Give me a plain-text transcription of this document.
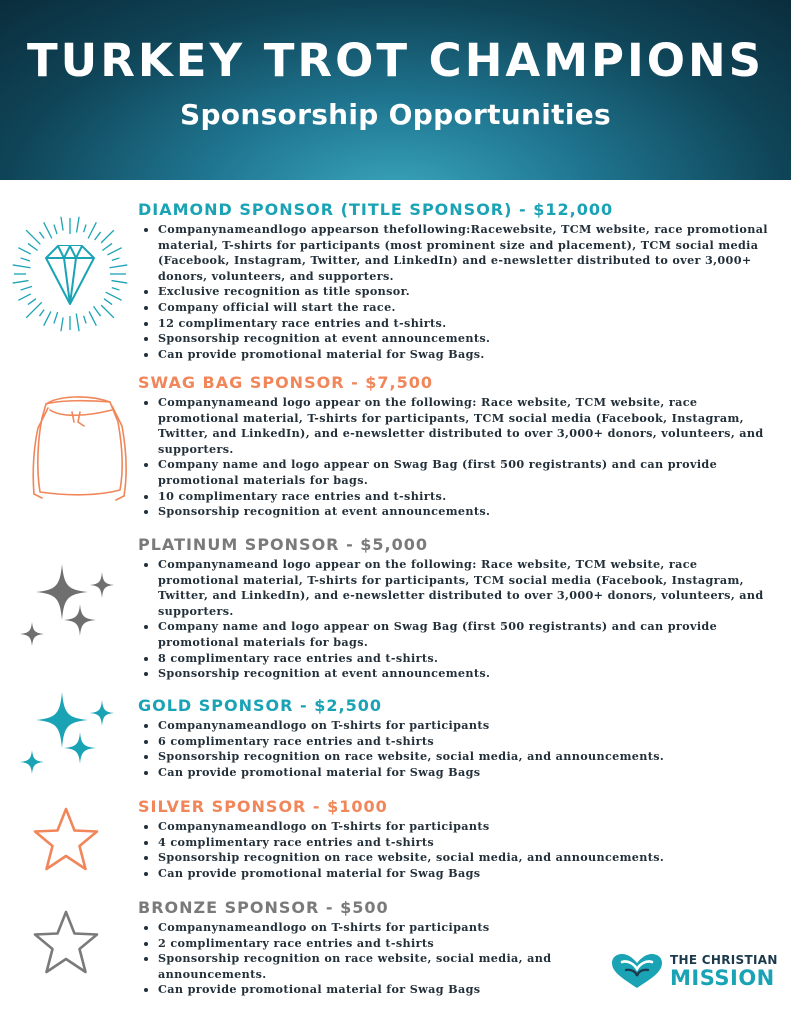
TURKEY TROT CHAMPIONS
Sponsorship Opportunities
DIAMOND SPONSOR (TITLE SPONSOR) - $12,000
• Companynameandlogo appearson thefollowing:Racewebsite, TCM website, race promotional material, T-shirts for participants (most prominent size and placement), TCM social media (Facebook, Instagram, Twitter, and LinkedIn) and e-newsletter distributed to over 3,000+ donors, volunteers, and supporters.
• Exclusive recognition as title sponsor.
• Company official will start the race.
• 12 complimentary race entries and t-shirts.
• Sponsorship recognition at event announcements.
• Can provide promotional material for Swag Bags.
SWAG BAG SPONSOR - $7,500
• Companynameand logo appear on the following: Race website, TCM website, race promotional material, T-shirts for participants, TCM social media (Facebook, Instagram, Twitter, and LinkedIn), and e-newsletter distributed to over 3,000+ donors, volunteers, and supporters.
• Company name and logo appear on Swag Bag (first 500 registrants) and can provide promotional materials for bags.
• 10 complimentary race entries and t-shirts.
• Sponsorship recognition at event announcements.
PLATINUM SPONSOR - $5,000
• Companynameand logo appear on the following: Race website, TCM website, race promotional material, T-shirts for participants, TCM social media (Facebook, Instagram, Twitter, and LinkedIn), and e-newsletter distributed to over 3,000+ donors, volunteers, and supporters.
• Company name and logo appear on Swag Bag (first 500 registrants) and can provide promotional materials for bags.
• 8 complimentary race entries and t-shirts.
• Sponsorship recognition at event announcements.
GOLD SPONSOR - $2,500
• Companynameandlogo on T-shirts for participants
• 6 complimentary race entries and t-shirts
• Sponsorship recognition on race website, social media, and announcements.
• Can provide promotional material for Swag Bags
SILVER SPONSOR - $1000
• Companynameandlogo on T-shirts for participants
• 4 complimentary race entries and t-shirts
• Sponsorship recognition on race website, social media, and announcements.
• Can provide promotional material for Swag Bags
BRONZE SPONSOR - $500
• Companynameandlogo on T-shirts for participants
• 2 complimentary race entries and t-shirts
• Sponsorship recognition on race website, social media, and announcements.
• Can provide promotional material for Swag Bags
THE CHRISTIAN
MISSION
